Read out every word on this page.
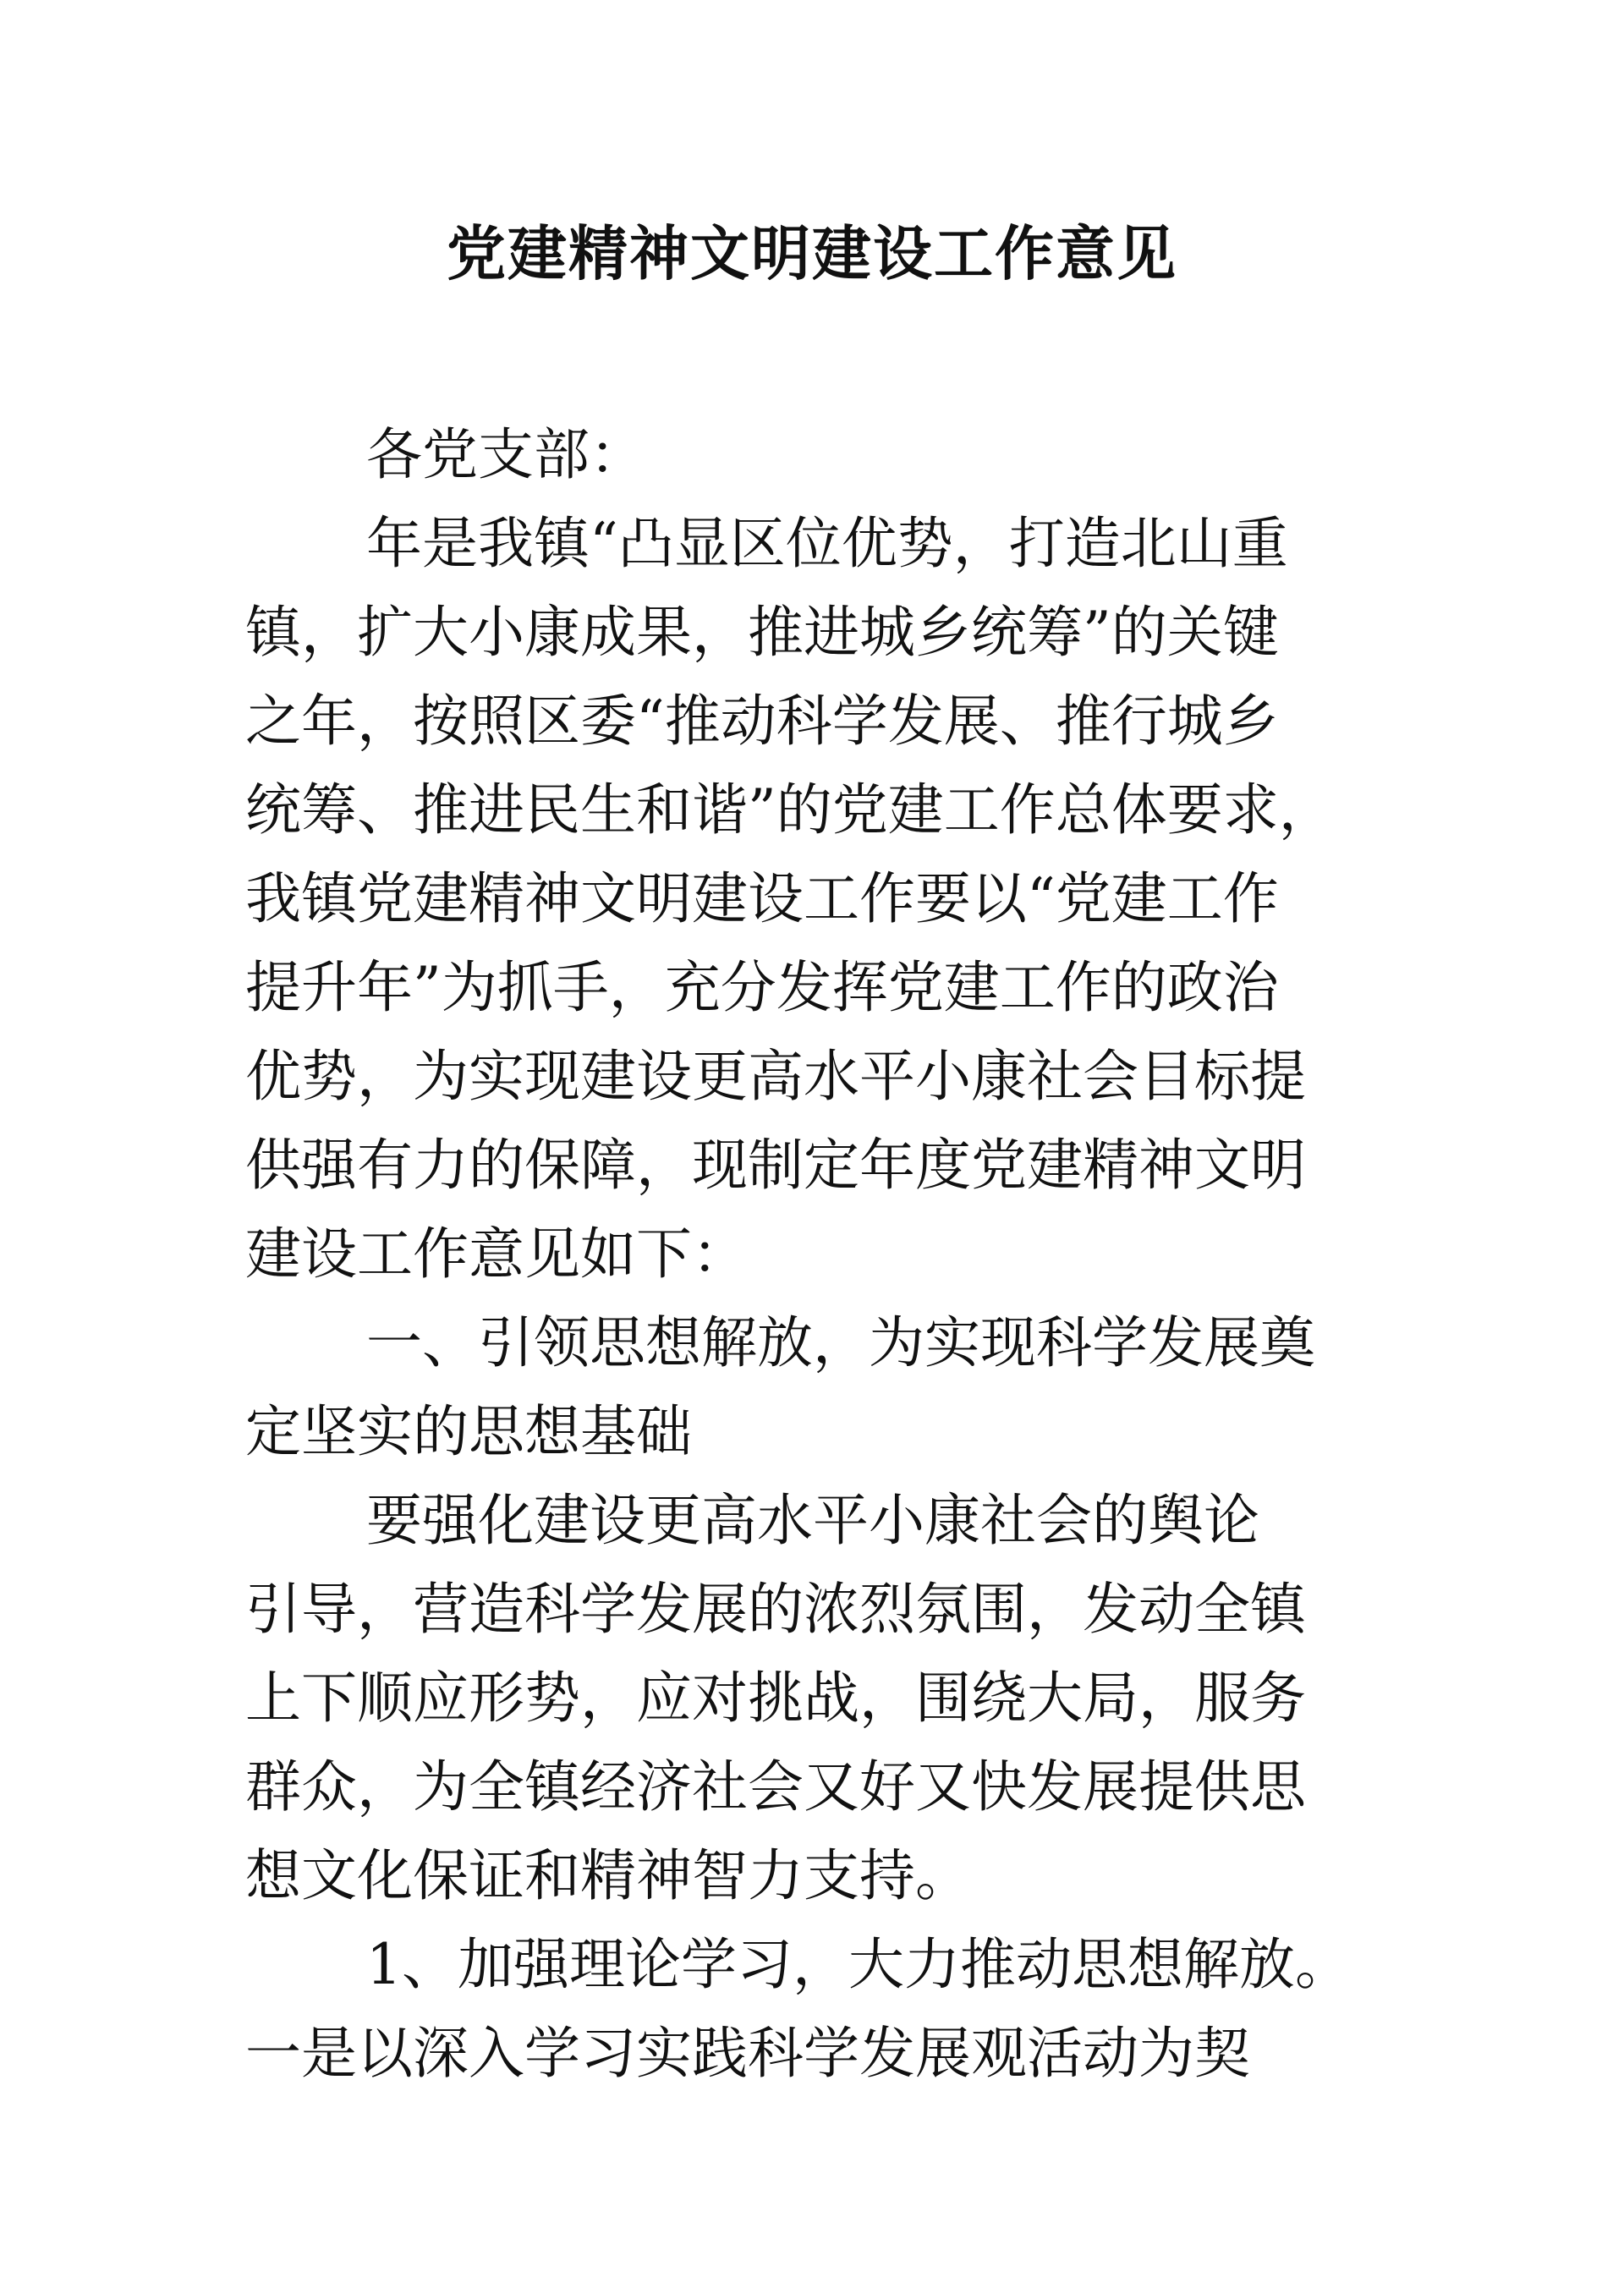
党建精神文明建设工作意见

各党支部：

年是我镇“凸显区位优势，打造北山重

镇，扩大小康成果，推进城乡统筹”的关键

之年，按照区委“推动科学发展、推行城乡

统筹、推进民生和谐”的党建工作总体要求，

我镇党建精神文明建设工作要以“党建工作

提升年”为抓手，充分发挥党建工作的政治

优势，为实现建设更高水平小康社会目标提

供强有力的保障，现制定年度党建精神文明

建设工作意见如下：

一、引领思想解放，为实现科学发展奠

定坚实的思想基础

要强化建设更高水平小康社会的舆论

引导，营造科学发展的浓烈氛围，发动全镇

上下顺应形势，应对挑战，围绕大局，服务

群众，为全镇经济社会又好又快发展提供思

想文化保证和精神智力支持。

1、加强理论学习，大力推动思想解放。

一是以深入学习实践科学发展观活动为契
